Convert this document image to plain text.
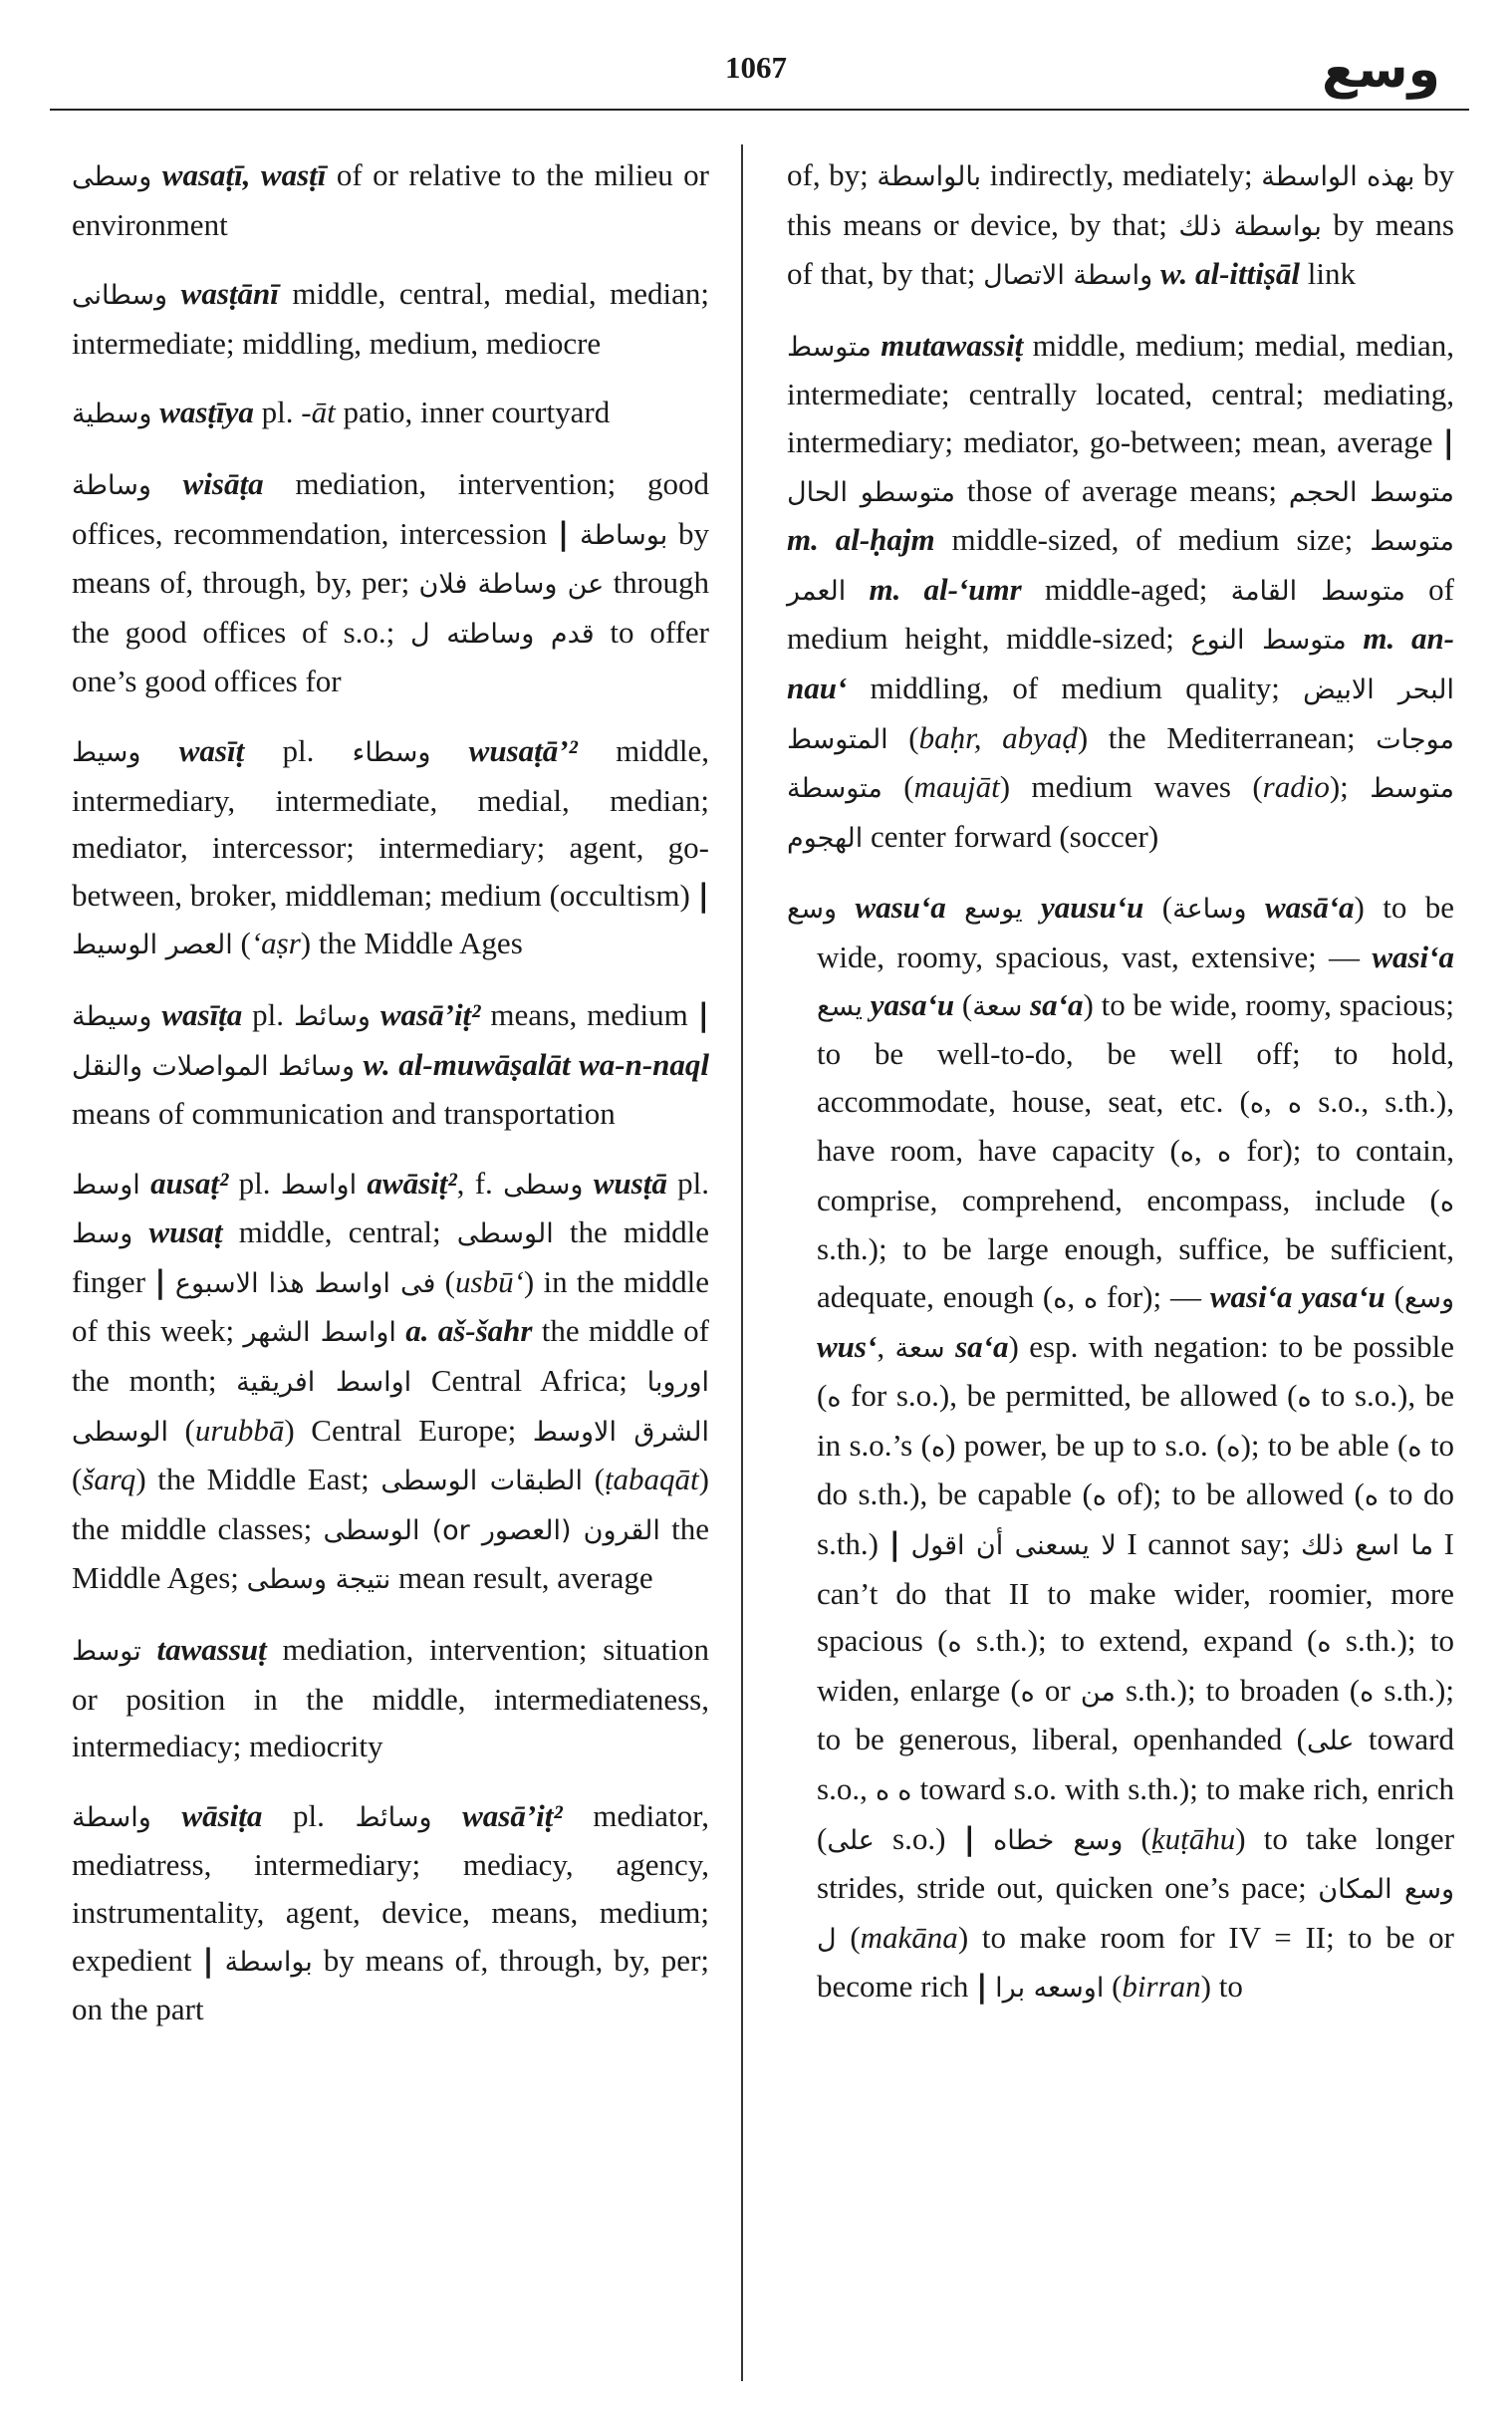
1067	وسع

وسطى wasaṭī, wasṭī of or relative to the milieu or environment

وسطانى wasṭānī middle, central, medial, median; intermediate; middling, medium, mediocre

وسطية wasṭīya pl. -āt patio, inner courtyard

وساطة wisāṭa mediation, intervention; good offices, recommendation, intercession | بوساطة by means of, through, by, per; عن وساطة فلان through the good offices of s.o.; قدم وساطته ل to offer one’s good offices for

وسيط wasīṭ pl. وسطاء wusaṭā’² middle, intermediary, intermediate, medial, median; mediator, intercessor; intermediary; agent, go-between, broker, middleman; medium (occultism) | العصر الوسيط (‘aṣr) the Middle Ages

وسيطة wasīṭa pl. وسائط wasā’iṭ² means, medium | وسائط المواصلات والنقل w. al-muwāṣalāt wa-n-naql means of communication and transportation

اوسط ausaṭ² pl. اواسط awāsiṭ², f. وسطى wusṭā pl. وسط wusaṭ middle, central; الوسطى the middle finger | فى اواسط هذا الاسبوع (usbū‘) in the middle of this week; اواسط الشهر a. aš-šahr the middle of the month; اواسط افريقية Central Africa; اوروبا الوسطى (urubbā) Central Europe; الشرق الاوسط (šarq) the Middle East; الطبقات الوسطى (ṭabaqāt) the middle classes; القرون (العصور or) الوسطى the Middle Ages; نتيجة وسطى mean result, average

توسط tawassuṭ mediation, intervention; situation or position in the middle, intermediateness, intermediacy; mediocrity

واسطة wāsiṭa pl. وسائط wasā’iṭ² mediator, mediatress, intermediary; mediacy, agency, instrumentality, agent, device, means, medium; expedient | بواسطة by means of, through, by, per; on the part

of, by; بالواسطة indirectly, mediately; بهذه الواسطة by this means or device, by that; بواسطة ذلك by means of that, by that; واسطة الاتصال w. al-ittiṣāl link

متوسط mutawassiṭ middle, medium; medial, median, intermediate; centrally located, central; mediating, intermediary; mediator, go-between; mean, average | متوسطو الحال those of average means; متوسط الحجم m. al-ḥajm middle-sized, of medium size; متوسط العمر m. al-‘umr middle-aged; متوسط القامة of medium height, middle-sized; متوسط النوع m. an-nau‘ middling, of medium quality; البحر الابيض المتوسط (baḥr, abyaḍ) the Mediterranean; موجات متوسطة (maujāt) medium waves (radio); متوسط الهجوم center forward (soccer)

وسع wasu‘a يوسع yausu‘u (وساعة wasā‘a) to be wide, roomy, spacious, vast, extensive; — wasi‘a يسع yasa‘u (سعة sa‘a) to be wide, roomy, spacious; to be well-to-do, be well off; to hold, accommodate, house, seat, etc. (ه, ه s.o., s.th.), have room, have capacity (ه, ه for); to contain, comprise, comprehend, encompass, include (ه s.th.); to be large enough, suffice, be sufficient, adequate, enough (ه, ه for); — wasi‘a yasa‘u (وسع wus‘, سعة sa‘a) esp. with negation: to be possible (ه for s.o.), be permitted, be allowed (ه to s.o.), be in s.o.’s (ه) power, be up to s.o. (ه); to be able (ه to do s.th.), be capable (ه of); to be allowed (ه to do s.th.) | لا يسعنى أن اقول I cannot say; ما اسع ذلك I can’t do that II to make wider, roomier, more spacious (ه s.th.); to extend, expand (ه s.th.); to widen, enlarge (ه or من s.th.); to broaden (ه s.th.); to be generous, liberal, openhanded (على toward s.o., ه ه toward s.o. with s.th.); to make rich, enrich (على s.o.) | وسع خطاه (ḵuṭāhu) to take longer strides, stride out, quicken one’s pace; وسع المكان ل (makāna) to make room for IV = II; to be or become rich | اوسعه برا (birran) to
